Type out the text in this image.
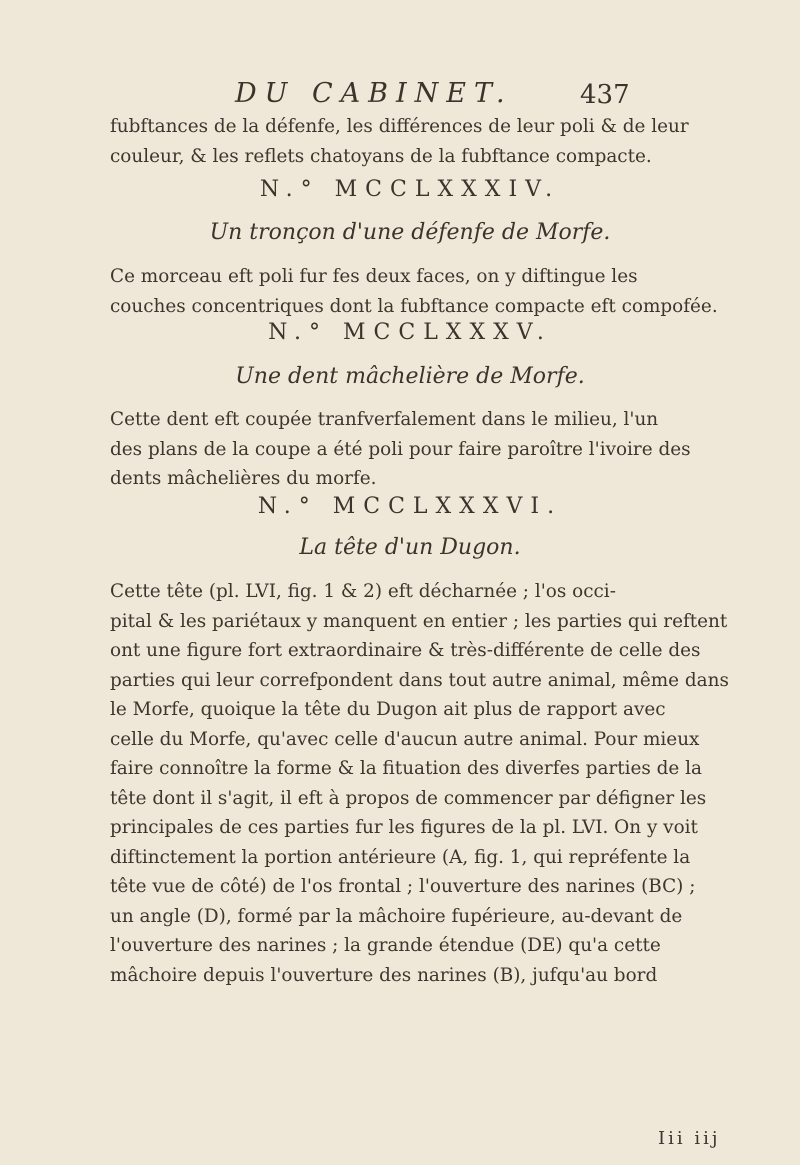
DU CABINET.	437

fubftances de la défenfe, les différences de leur poli & de leur
couleur, & les reflets chatoyans de la fubftance compacte.

N.° MCCLXXXIV.
Un tronçon d'une défenfe de Morfe.

Ce morceau eft poli fur fes deux faces, on y diftingue les
couches concentriques dont la fubftance compacte eft compofée.

N.° MCCLXXXV.
Une dent mâchelière de Morfe.

Cette dent eft coupée tranfverfalement dans le milieu, l'un
des plans de la coupe a été poli pour faire paroître l'ivoire des
dents mâchelières du morfe.

N.° MCCLXXXVI.
La tête d'un Dugon.

Cette tête (pl. LVI, fig. 1 & 2) eft décharnée ; l'os occi-
pital & les pariétaux y manquent en entier ; les parties qui reftent
ont une figure fort extraordinaire & très-différente de celle des
parties qui leur correfpondent dans tout autre animal, même dans
le Morfe, quoique la tête du Dugon ait plus de rapport avec
celle du Morfe, qu'avec celle d'aucun autre animal. Pour mieux
faire connoître la forme & la fituation des diverfes parties de la
tête dont il s'agit, il eft à propos de commencer par défigner les
principales de ces parties fur les figures de la pl. LVI. On y voit
diftinctement la portion antérieure (A, fig. 1, qui repréfente la
tête vue de côté) de l'os frontal ; l'ouverture des narines (BC) ;
un angle (D), formé par la mâchoire fupérieure, au-devant de
l'ouverture des narines ; la grande étendue (DE) qu'a cette
mâchoire depuis l'ouverture des narines (B), jufqu'au bord

Iii iij
